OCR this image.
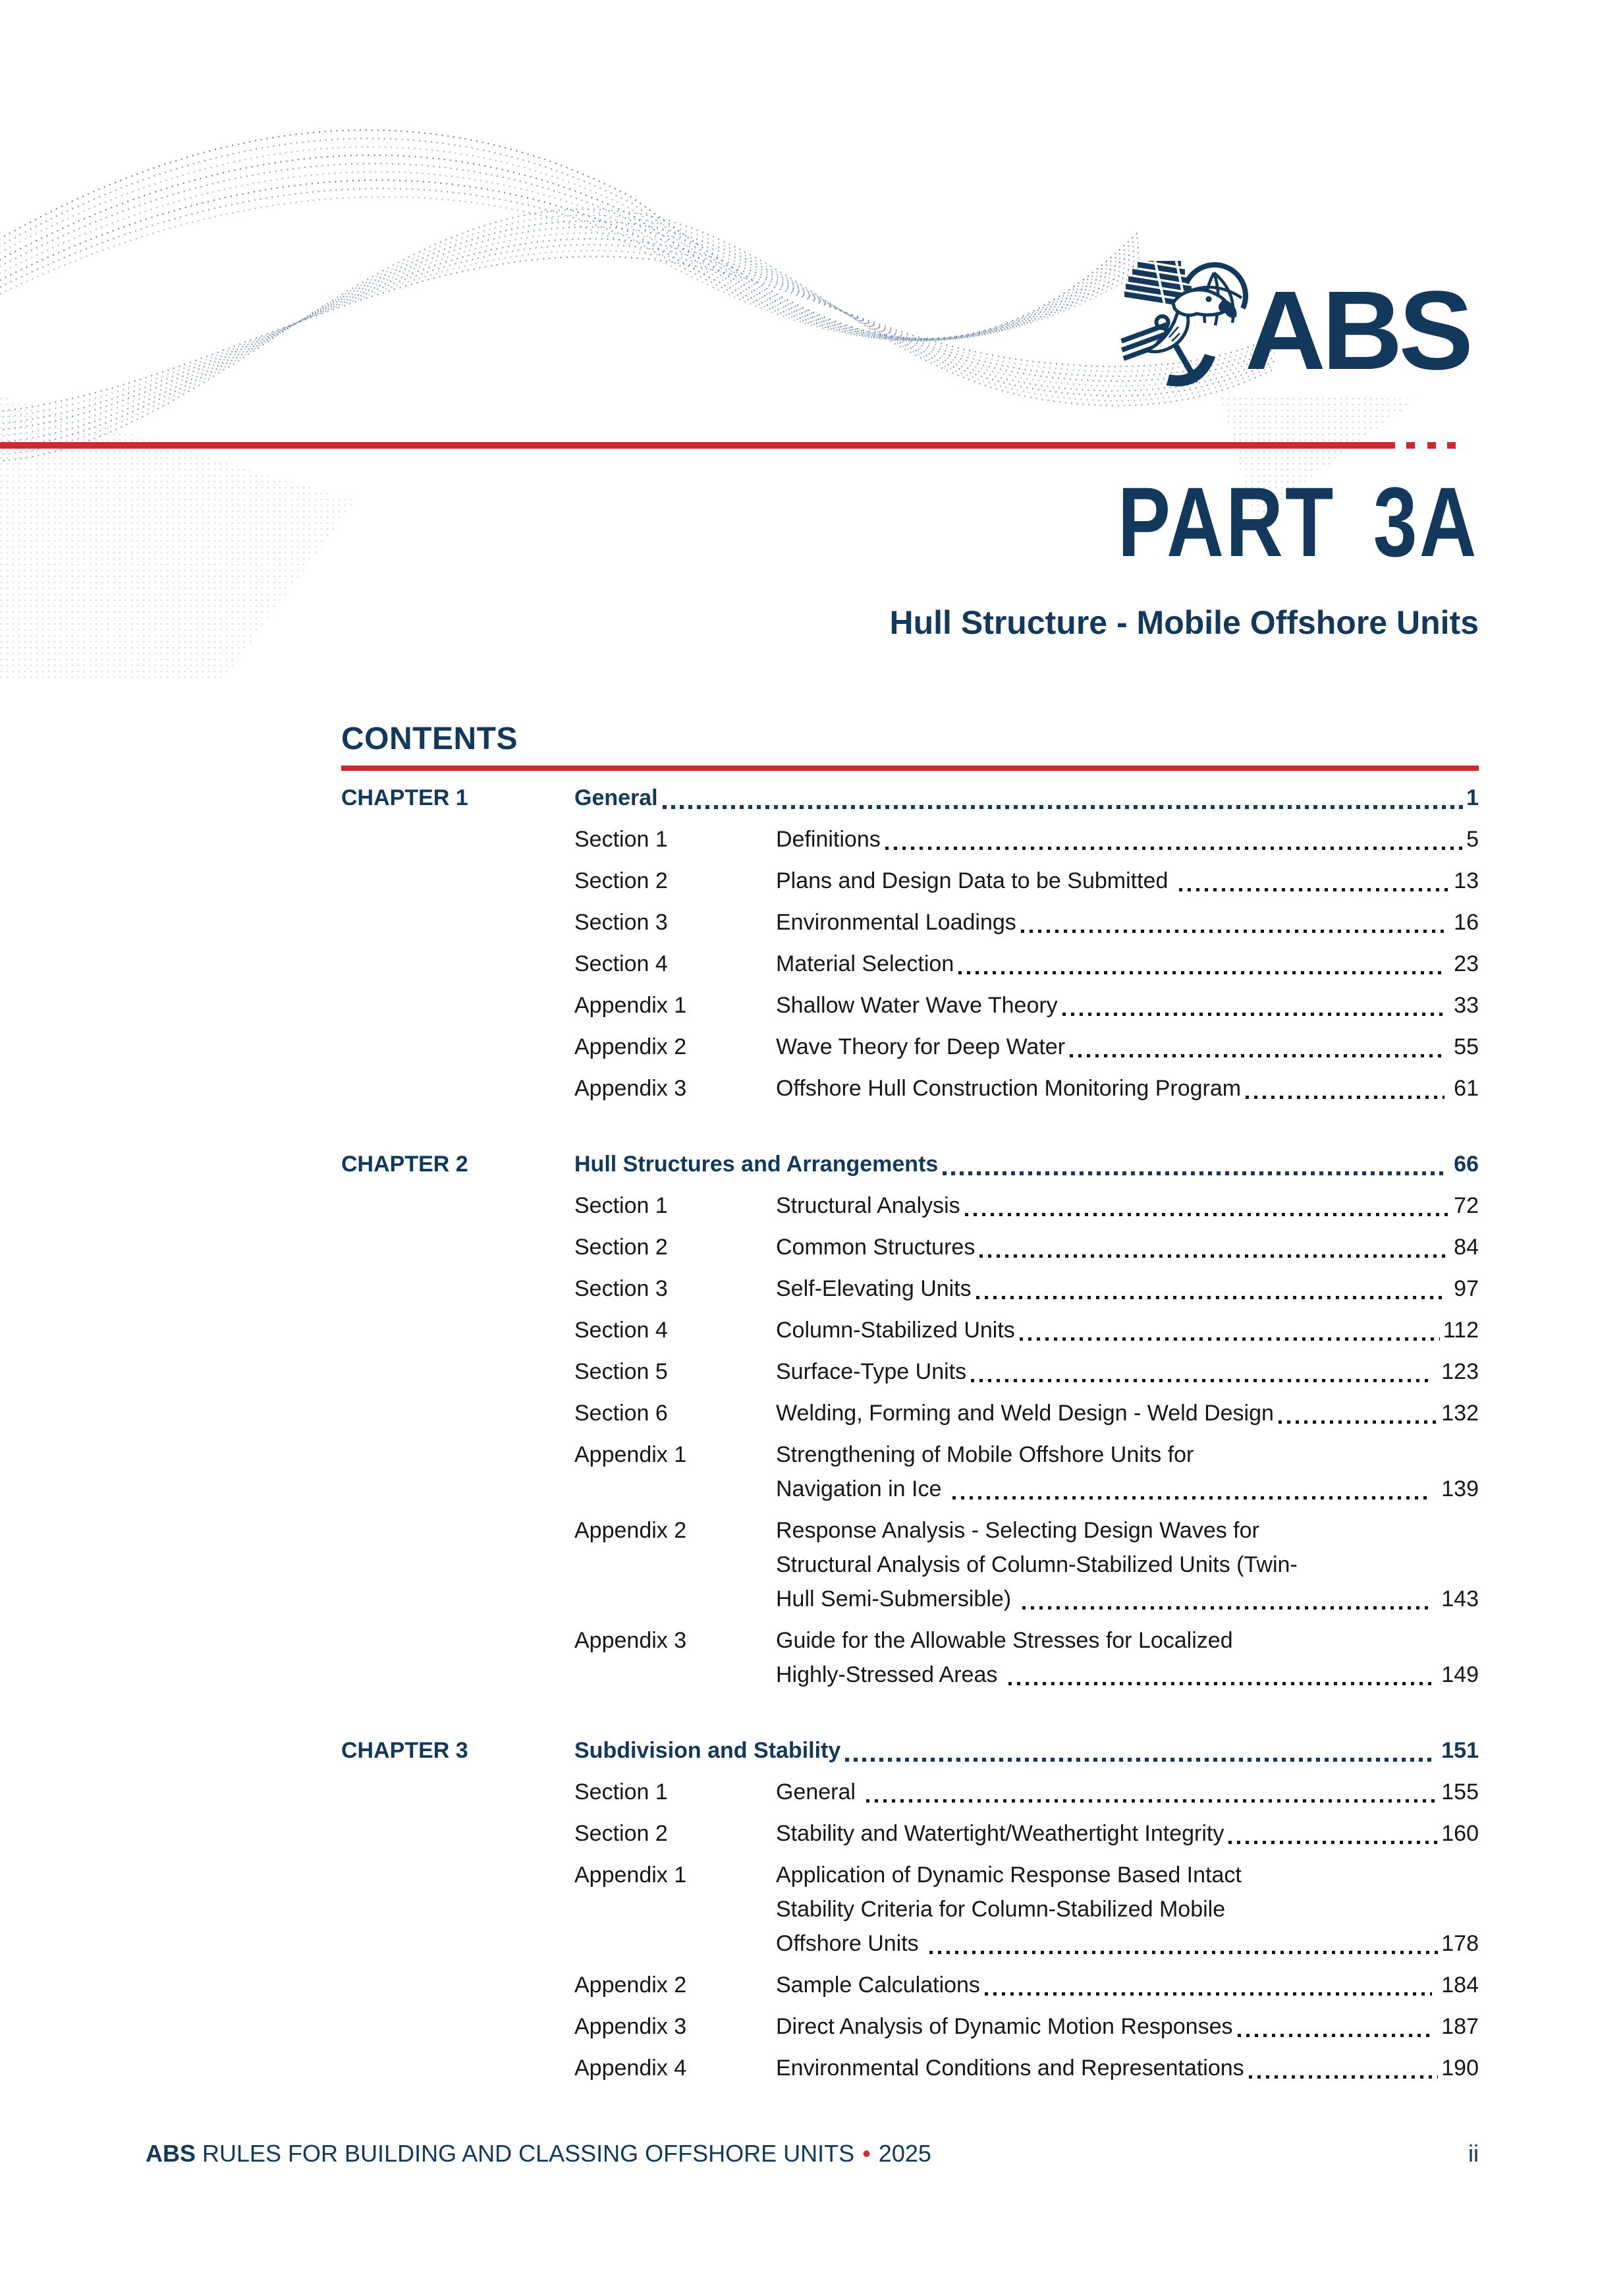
ABS
PART 3A
Hull Structure - Mobile Offshore Units
CONTENTS
CHAPTER 1	General	1
Section 1	Definitions	5
Section 2	Plans and Design Data to be Submitted	13
Section 3	Environmental Loadings	16
Section 4	Material Selection	23
Appendix 1	Shallow Water Wave Theory	33
Appendix 2	Wave Theory for Deep Water	55
Appendix 3	Offshore Hull Construction Monitoring Program	61
CHAPTER 2	Hull Structures and Arrangements	66
Section 1	Structural Analysis	72
Section 2	Common Structures	84
Section 3	Self-Elevating Units	97
Section 4	Column-Stabilized Units	112
Section 5	Surface-Type Units	123
Section 6	Welding, Forming and Weld Design - Weld Design	132
Appendix 1	Strengthening of Mobile Offshore Units for
Navigation in Ice	139
Appendix 2	Response Analysis - Selecting Design Waves for
Structural Analysis of Column-Stabilized Units (Twin-
Hull Semi-Submersible)	143
Appendix 3	Guide for the Allowable Stresses for Localized
Highly-Stressed Areas	149
CHAPTER 3	Subdivision and Stability	151
Section 1	General	155
Section 2	Stability and Watertight/Weathertight Integrity	160
Appendix 1	Application of Dynamic Response Based Intact
Stability Criteria for Column-Stabilized Mobile
Offshore Units	178
Appendix 2	Sample Calculations	184
Appendix 3	Direct Analysis of Dynamic Motion Responses	187
Appendix 4	Environmental Conditions and Representations	190
ABS RULES FOR BUILDING AND CLASSING OFFSHORE UNITS • 2025	ii
